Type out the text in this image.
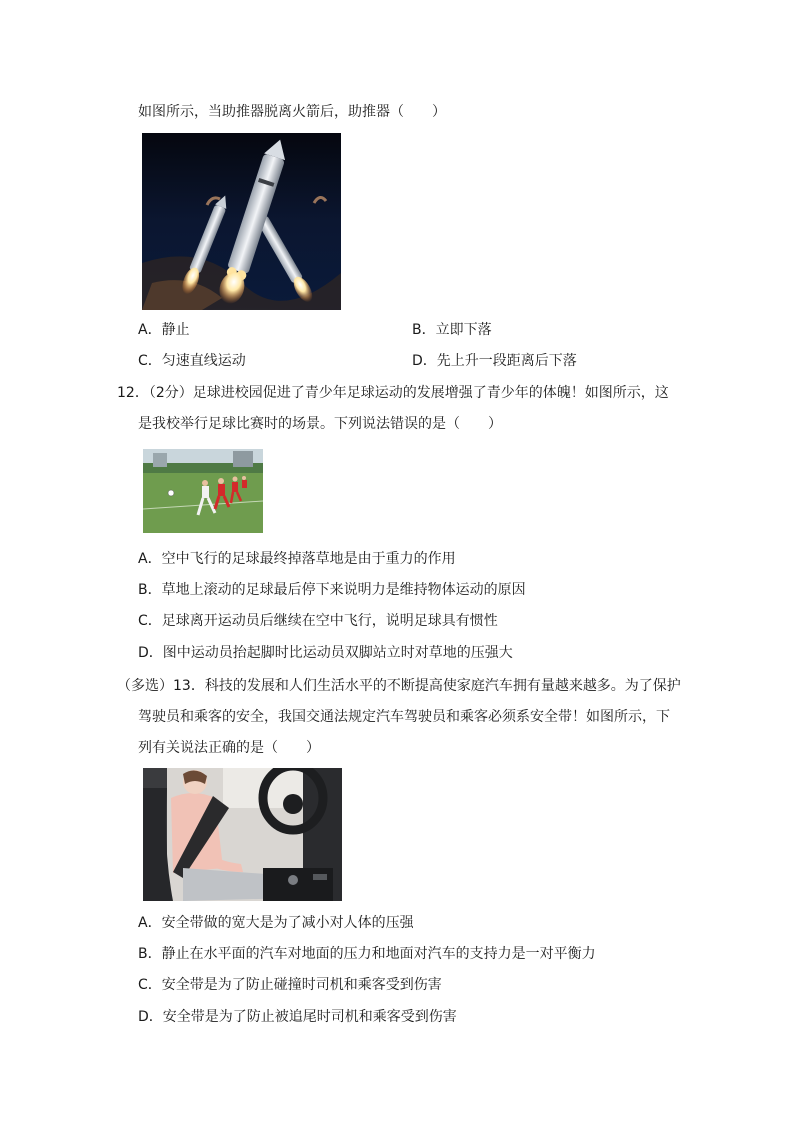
如图所示，当助推器脱离火箭后，助推器（　　）
A．静止	B．立即下落
C．匀速直线运动	D．先上升一段距离后下落
12．（2分）足球进校园促进了青少年足球运动的发展增强了青少年的体魄！如图所示，这
是我校举行足球比赛时的场景。下列说法错误的是（　　）
A．空中飞行的足球最终掉落草地是由于重力的作用
B．草地上滚动的足球最后停下来说明力是维持物体运动的原因
C．足球离开运动员后继续在空中飞行，说明足球具有惯性
D．图中运动员抬起脚时比运动员双脚站立时对草地的压强大
（多选）13．科技的发展和人们生活水平的不断提高使家庭汽车拥有量越来越多。为了保护
驾驶员和乘客的安全，我国交通法规定汽车驾驶员和乘客必须系安全带！如图所示，下
列有关说法正确的是（　　）
A．安全带做的宽大是为了减小对人体的压强
B．静止在水平面的汽车对地面的压力和地面对汽车的支持力是一对平衡力
C．安全带是为了防止碰撞时司机和乘客受到伤害
D．安全带是为了防止被追尾时司机和乘客受到伤害
